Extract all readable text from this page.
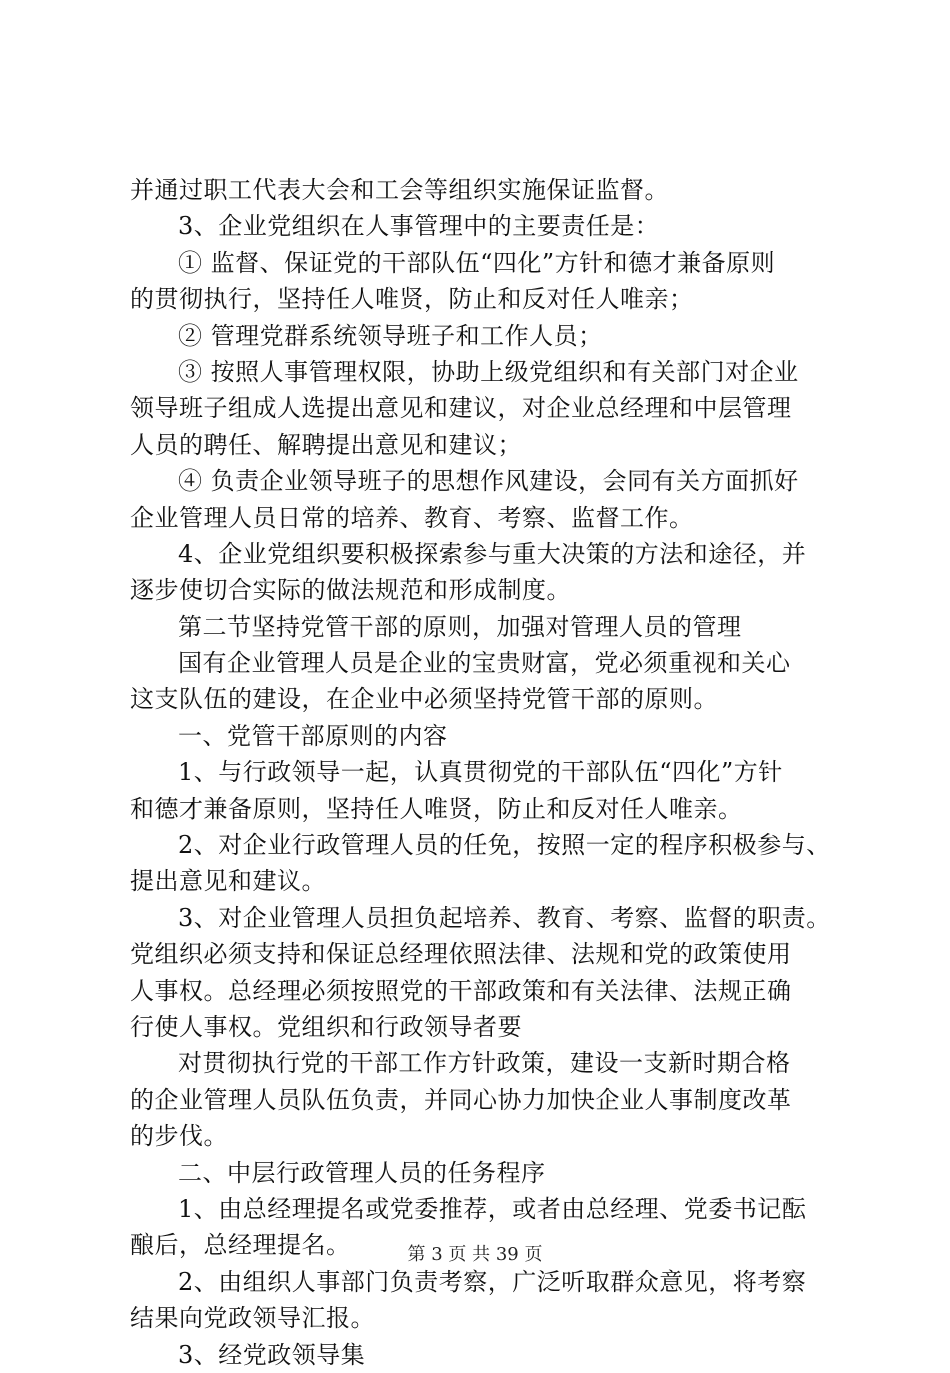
并通过职工代表大会和工会等组织实施保证监督。
3、企业党组织在人事管理中的主要责任是：
① 监督、保证党的干部队伍“四化”方针和德才兼备原则
的贯彻执行，坚持任人唯贤，防止和反对任人唯亲；
② 管理党群系统领导班子和工作人员；
③ 按照人事管理权限，协助上级党组织和有关部门对企业
领导班子组成人选提出意见和建议，对企业总经理和中层管理
人员的聘任、解聘提出意见和建议；
④ 负责企业领导班子的思想作风建设，会同有关方面抓好
企业管理人员日常的培养、教育、考察、监督工作。
4、企业党组织要积极探索参与重大决策的方法和途径，并
逐步使切合实际的做法规范和形成制度。
第二节坚持党管干部的原则，加强对管理人员的管理
国有企业管理人员是企业的宝贵财富，党必须重视和关心
这支队伍的建设，在企业中必须坚持党管干部的原则。
一、党管干部原则的内容
1、与行政领导一起，认真贯彻党的干部队伍“四化”方针
和德才兼备原则，坚持任人唯贤，防止和反对任人唯亲。
2、对企业行政管理人员的任免，按照一定的程序积极参与、
提出意见和建议。
3、对企业管理人员担负起培养、教育、考察、监督的职责。
党组织必须支持和保证总经理依照法律、法规和党的政策使用
人事权。总经理必须按照党的干部政策和有关法律、法规正确
行使人事权。党组织和行政领导者要
对贯彻执行党的干部工作方针政策，建设一支新时期合格
的企业管理人员队伍负责，并同心协力加快企业人事制度改革
的步伐。
二、中层行政管理人员的任务程序
1、由总经理提名或党委推荐，或者由总经理、党委书记酝
酿后，总经理提名。
2、由组织人事部门负责考察，广泛听取群众意见，将考察
结果向党政领导汇报。
3、经党政领导集
第 3 页 共 39 页
